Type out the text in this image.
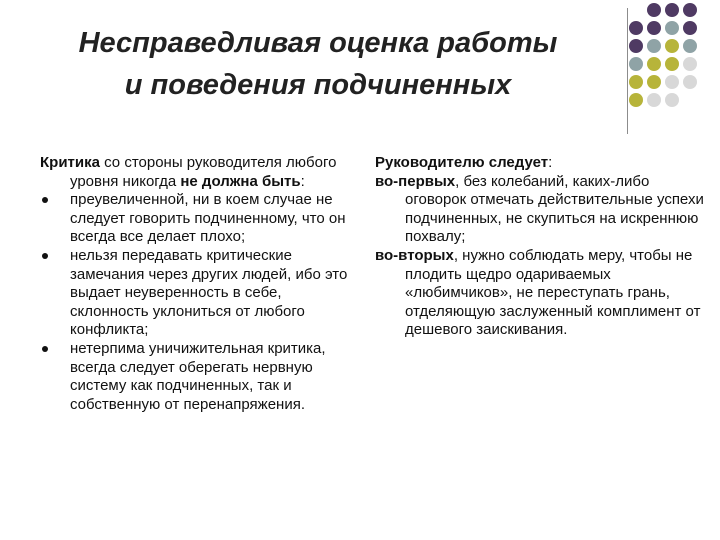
Несправедливая оценка работы
и поведения подчиненных
Критика со стороны руководителя любого уровня никогда не должна быть:
преувеличенной, ни в коем случае не следует говорить подчиненному, что он всегда все делает плохо;
нельзя передавать критические замечания через других людей, ибо это выдает неуверенность в себе, склонность уклониться от любого конфликта;
нетерпима уничижительная критика, всегда следует оберегать нервную систему как подчиненных, так и собственную от перенапряжения.
Руководителю следует:
во-первых, без колебаний, каких-либо оговорок отмечать действительные успехи подчиненных, не скупиться на искреннюю похвалу;
во-вторых, нужно соблюдать меру, чтобы не плодить щедро одариваемых «любимчиков», не переступать грань, отделяющую заслуженный комплимент от дешевого заискивания.
